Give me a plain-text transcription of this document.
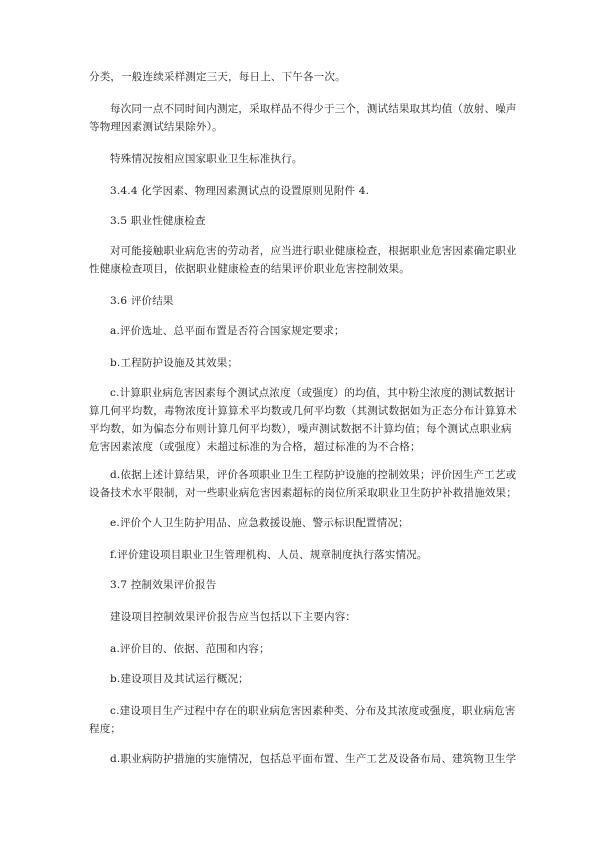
分类，一般连续采样测定三天，每日上、下午各一次。

每次同一点不同时间内测定，采取样品不得少于三个，测试结果取其均值（放射、噪声等物理因素测试结果除外）。

特殊情况按相应国家职业卫生标准执行。

3.4.4 化学因素、物理因素测试点的设置原则见附件 4.

3.5 职业性健康检查

对可能接触职业病危害的劳动者，应当进行职业健康检查，根据职业危害因素确定职业性健康检查项目，依据职业健康检查的结果评价职业危害控制效果。

3.6 评价结果

a.评价选址、总平面布置是否符合国家规定要求；

b.工程防护设施及其效果；

c.计算职业病危害因素每个测试点浓度（或强度）的均值，其中粉尘浓度的测试数据计算几何平均数，毒物浓度计算算术平均数或几何平均数（其测试数据如为正态分布计算算术平均数，如为偏态分布则计算几何平均数），噪声测试数据不计算均值；每个测试点职业病危害因素浓度（或强度）未超过标准的为合格，超过标准的为不合格；

d.依据上述计算结果，评价各项职业卫生工程防护设施的控制效果；评价因生产工艺或设备技术水平限制，对一些职业病危害因素超标的岗位所采取职业卫生防护补救措施效果；

e.评价个人卫生防护用品、应急救援设施、警示标识配置情况；

f.评价建设项目职业卫生管理机构、人员、规章制度执行落实情况。

3.7 控制效果评价报告

建设项目控制效果评价报告应当包括以下主要内容：

a.评价目的、依据、范围和内容；

b.建设项目及其试运行概况；

c.建设项目生产过程中存在的职业病危害因素种类、分布及其浓度或强度，职业病危害程度；

d.职业病防护措施的实施情况，包括总平面布置、生产工艺及设备布局、建筑物卫生学
